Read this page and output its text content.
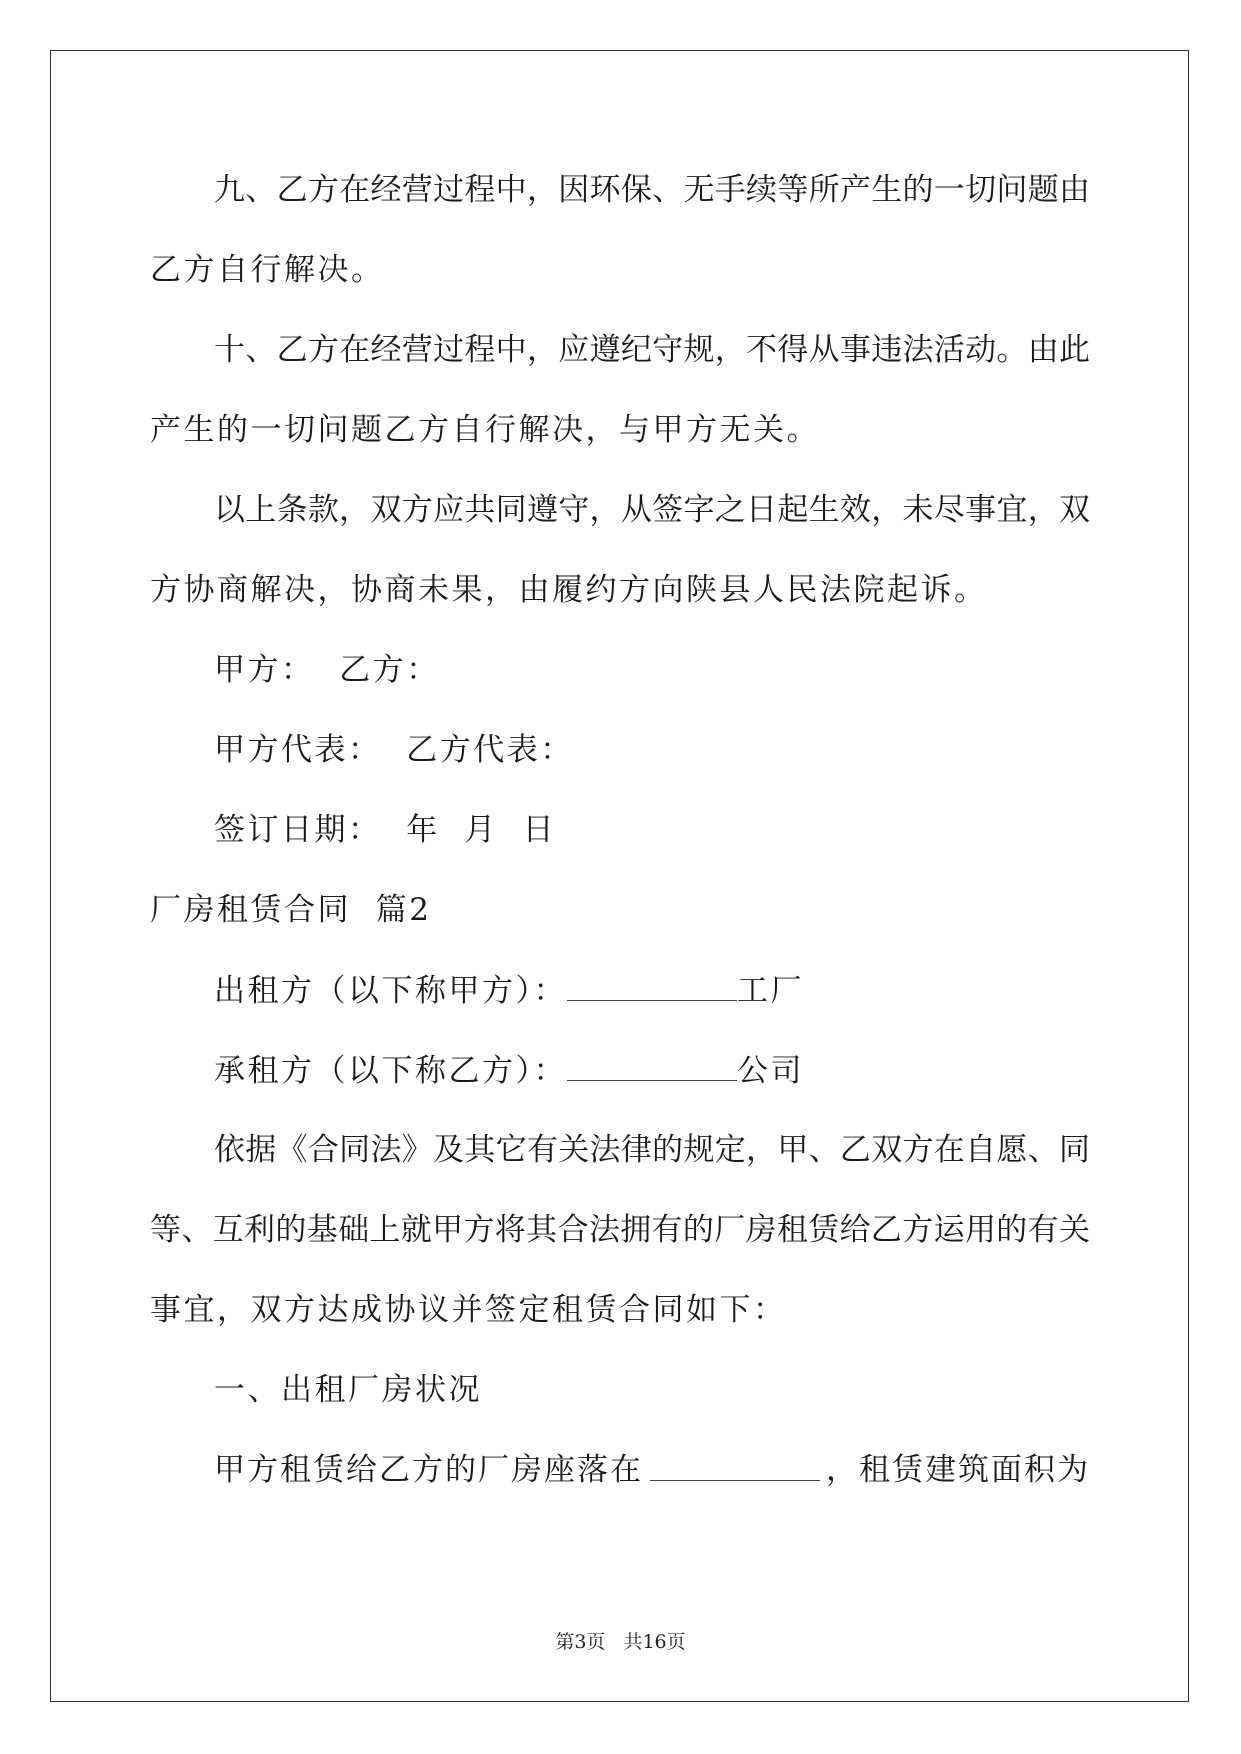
九、乙方在经营过程中，因环保、无手续等所产生的一切问题由
乙方自行解决。
十、乙方在经营过程中，应遵纪守规，不得从事违法活动。由此
产生的一切问题乙方自行解决，与甲方无关。
以上条款，双方应共同遵守，从签字之日起生效，未尽事宜，双
方协商解决，协商未果，由履约方向陕县人民法院起诉。
甲方：  乙方：
甲方代表：  乙方代表：
签订日期：  年  月  日
厂房租赁合同  篇2
出租方（以下称甲方）：	工厂
承租方（以下称乙方）：	公司
依据《合同法》及其它有关法律的规定，甲、乙双方在自愿、同
等、互利的基础上就甲方将其合法拥有的厂房租赁给乙方运用的有关
事宜，双方达成协议并签定租赁合同如下：
一、出租厂房状况
甲方租赁给乙方的厂房座落在	，租赁建筑面积为
第3页 共16页
